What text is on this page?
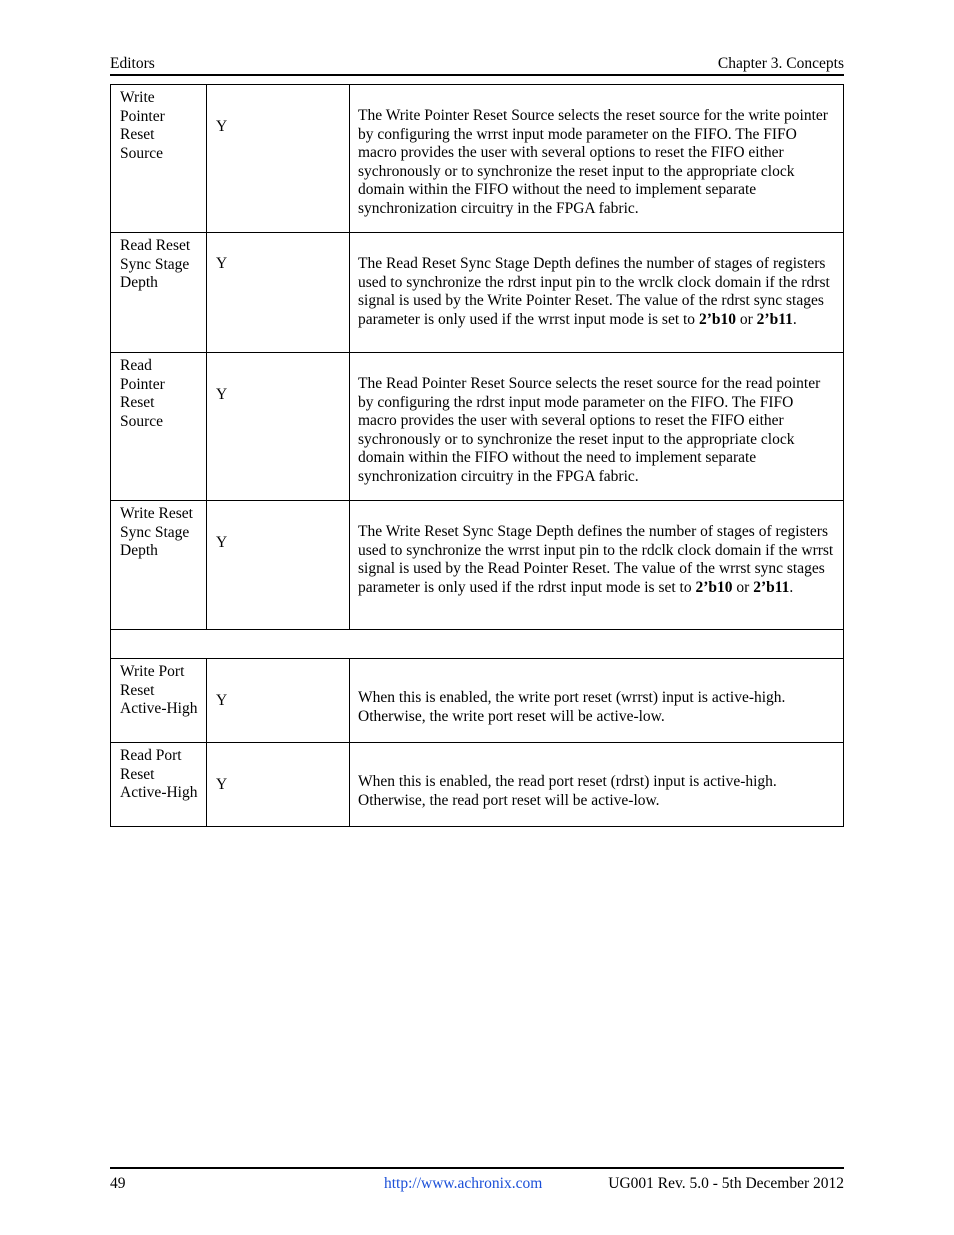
Editors	Chapter 3. Concepts
Write Pointer Reset Source	Y	The Write Pointer Reset Source selects the reset source for the write pointer by configuring the wrrst input mode parameter on the FIFO. The FIFO macro provides the user with several options to reset the FIFO either sychronously or to synchronize the reset input to the appropriate clock domain within the FIFO without the need to implement separate synchronization circuitry in the FPGA fabric.

Read Reset Sync Stage Depth	Y	The Read Reset Sync Stage Depth defines the number of stages of registers used to synchronize the rdrst input pin to the wrclk clock domain if the rdrst signal is used by the Write Pointer Reset. The value of the rdrst sync stages parameter is only used if the wrrst input mode is set to 2’b10 or 2’b11.

Read Pointer Reset Source	Y	The Read Pointer Reset Source selects the reset source for the read pointer by configuring the rdrst input mode parameter on the FIFO. The FIFO macro provides the user with several options to reset the FIFO either sychronously or to synchronize the reset input to the appropriate clock domain within the FIFO without the need to implement separate synchronization circuitry in the FPGA fabric.

Write Reset Sync Stage Depth	Y	The Write Reset Sync Stage Depth defines the number of stages of registers used to synchronize the wrrst input pin to the rdclk clock domain if the wrrst signal is used by the Read Pointer Reset. The value of the wrrst sync stages parameter is only used if the rdrst input mode is set to 2’b10 or 2’b11.

Write Port Reset Active-High	Y	When this is enabled, the write port reset (wrrst) input is active-high. Otherwise, the write port reset will be active-low.

Read Port Reset Active-High	Y	When this is enabled, the read port reset (rdrst) input is active-high. Otherwise, the read port reset will be active-low.
49	http://www.achronix.com	UG001 Rev. 5.0 - 5th December 2012
